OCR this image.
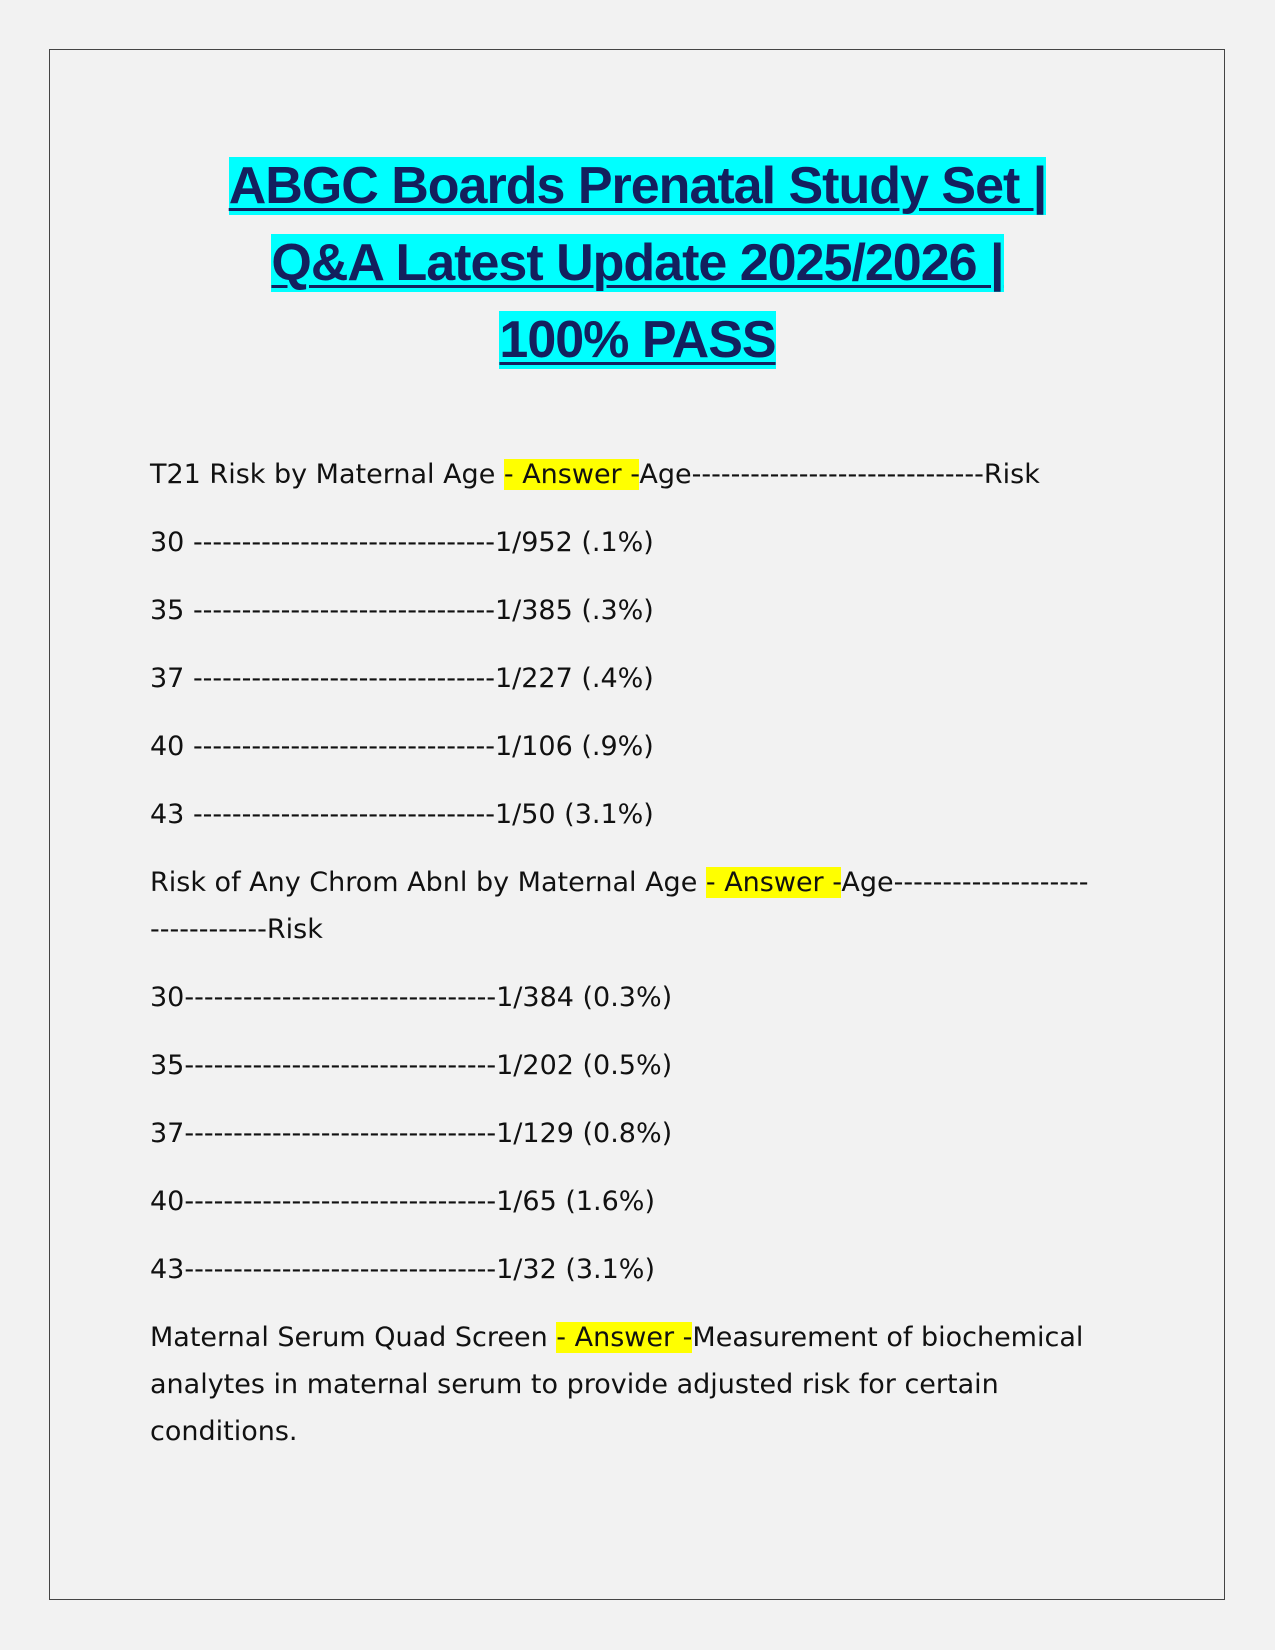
ABGC Boards Prenatal Study Set |
Q&A Latest Update 2025/2026 |
100% PASS
T21 Risk by Maternal Age - Answer -Age------------------------------Risk
30 -------------------------------1/952 (.1%)
35 -------------------------------1/385 (.3%)
37 -------------------------------1/227 (.4%)
40 -------------------------------1/106 (.9%)
43 -------------------------------1/50 (3.1%)
Risk of Any Chrom Abnl by Maternal Age - Answer -Age--------------------------------Risk
30--------------------------------1/384 (0.3%)
35--------------------------------1/202 (0.5%)
37--------------------------------1/129 (0.8%)
40--------------------------------1/65 (1.6%)
43--------------------------------1/32 (3.1%)
Maternal Serum Quad Screen - Answer -Measurement of biochemical analytes in maternal serum to provide adjusted risk for certain conditions.
